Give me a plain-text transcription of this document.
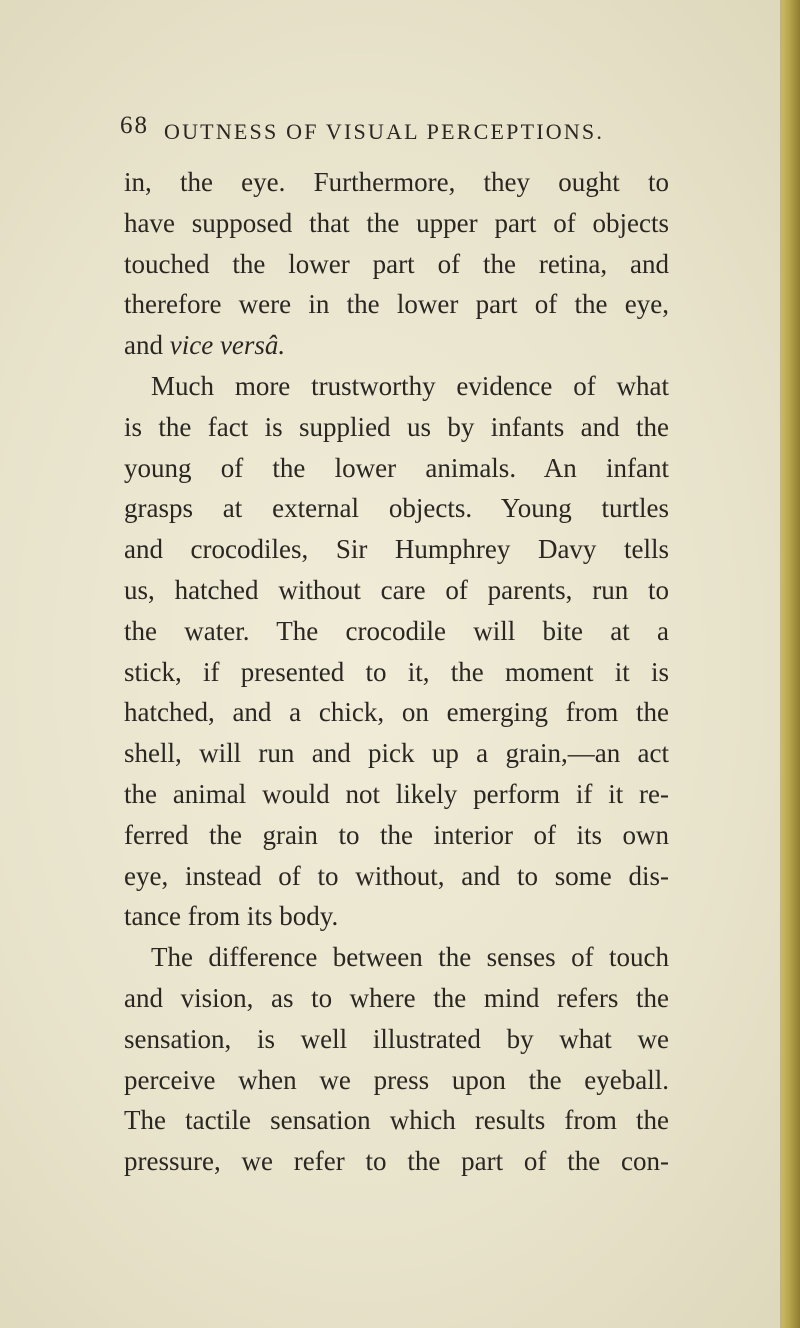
68 OUTNESS OF VISUAL PERCEPTIONS.
in, the eye. Furthermore, they ought to
have supposed that the upper part of objects
touched the lower part of the retina, and
therefore were in the lower part of the eye,
and vice versâ.
Much more trustworthy evidence of what
is the fact is supplied us by infants and the
young of the lower animals. An infant
grasps at external objects. Young turtles
and crocodiles, Sir Humphrey Davy tells
us, hatched without care of parents, run to
the water. The crocodile will bite at a
stick, if presented to it, the moment it is
hatched, and a chick, on emerging from the
shell, will run and pick up a grain,—an act
the animal would not likely perform if it re-
ferred the grain to the interior of its own
eye, instead of to without, and to some dis-
tance from its body.
The difference between the senses of touch
and vision, as to where the mind refers the
sensation, is well illustrated by what we
perceive when we press upon the eyeball.
The tactile sensation which results from the
pressure, we refer to the part of the con-
